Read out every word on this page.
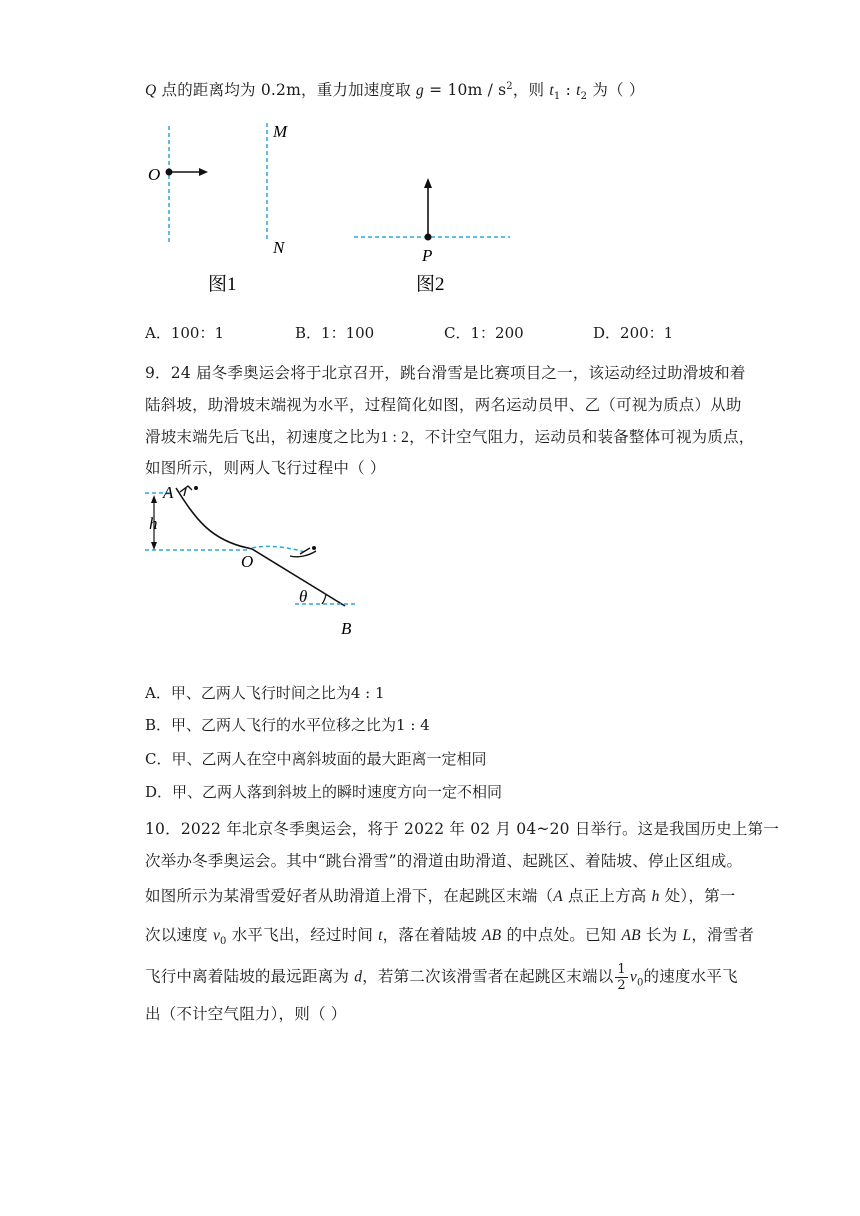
Q 点的距离均为 0.2m，重力加速度取 $g = 10m / s^2$，则 $t_1$ : $t_2$ 为（ ）
O
M
N
图1
P
图2
A．100：1	B．1：100	C．1：200	D．200：1
9．24 届冬季奥运会将于北京召开，跳台滑雪是比赛项目之一，该运动经过助滑坡和着
陆斜坡，助滑坡末端视为水平，过程简化如图，两名运动员甲、乙（可视为质点）从助
滑坡末端先后飞出，初速度之比为1 : 2，不计空气阻力，运动员和装备整体可视为质点，
如图所示，则两人飞行过程中（ ）
A
h
O
θ
B
A．甲、乙两人飞行时间之比为4 : 1
B．甲、乙两人飞行的水平位移之比为1 : 4
C．甲、乙两人在空中离斜坡面的最大距离一定相同
D．甲、乙两人落到斜坡上的瞬时速度方向一定不相同
10．2022 年北京冬季奥运会，将于 2022 年 02 月 04~20 日举行。这是我国历史上第一
次举办冬季奥运会。其中“跳台滑雪”的滑道由助滑道、起跳区、着陆坡、停止区组成。
如图所示为某滑雪爱好者从助滑道上滑下，在起跳区末端（A 点正上方高 h 处），第一
次以速度 $v_0$ 水平飞出，经过时间 t，落在着陆坡 AB 的中点处。已知 AB 长为 L，滑雪者
飞行中离着陆坡的最远距离为 d，若第二次该滑雪者在起跳区末端以 $\frac{1}{2} v_0$的速度水平飞
出（不计空气阻力），则（ ）
